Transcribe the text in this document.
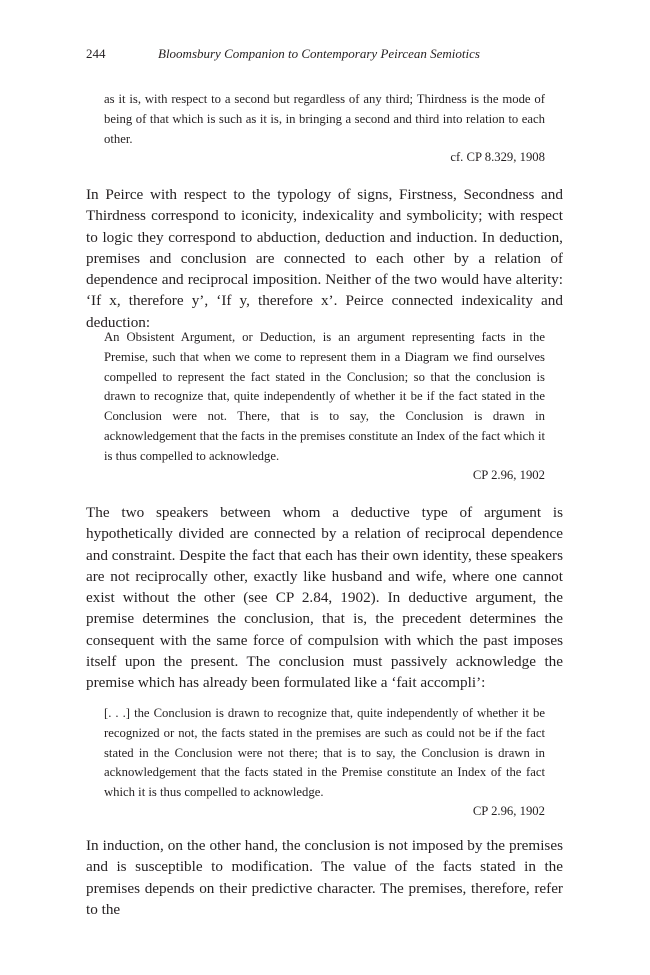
244	Bloomsbury Companion to Contemporary Peircean Semiotics
as it is, with respect to a second but regardless of any third; Thirdness is the mode of being of that which is such as it is, in bringing a second and third into relation to each other.
cf. CP 8.329, 1908
In Peirce with respect to the typology of signs, Firstness, Secondness and Thirdness correspond to iconicity, indexicality and symbolicity; with respect to logic they correspond to abduction, deduction and induction. In deduction, premises and conclusion are connected to each other by a relation of dependence and reciprocal imposition. Neither of the two would have alterity: ‘If x, therefore y’, ‘If y, therefore x’. Peirce connected indexicality and deduction:
An Obsistent Argument, or Deduction, is an argument representing facts in the Premise, such that when we come to represent them in a Diagram we find ourselves compelled to represent the fact stated in the Conclusion; so that the conclusion is drawn to recognize that, quite independently of whether it be if the fact stated in the Conclusion were not. There, that is to say, the Conclusion is drawn in acknowledgement that the facts in the premises constitute an Index of the fact which it is thus compelled to acknowledge.
CP 2.96, 1902
The two speakers between whom a deductive type of argument is hypothetically divided are connected by a relation of reciprocal dependence and constraint. Despite the fact that each has their own identity, these speakers are not reciprocally other, exactly like husband and wife, where one cannot exist without the other (see CP 2.84, 1902). In deductive argument, the premise determines the conclusion, that is, the precedent determines the consequent with the same force of compulsion with which the past imposes itself upon the present. The conclusion must passively acknowledge the premise which has already been formulated like a ‘fait accompli’:
[. . .] the Conclusion is drawn to recognize that, quite independently of whether it be recognized or not, the facts stated in the premises are such as could not be if the fact stated in the Conclusion were not there; that is to say, the Conclusion is drawn in acknowledgement that the facts stated in the Premise constitute an Index of the fact which it is thus compelled to acknowledge.
CP 2.96, 1902
In induction, on the other hand, the conclusion is not imposed by the premises and is susceptible to modification. The value of the facts stated in the premises depends on their predictive character. The premises, therefore, refer to the
